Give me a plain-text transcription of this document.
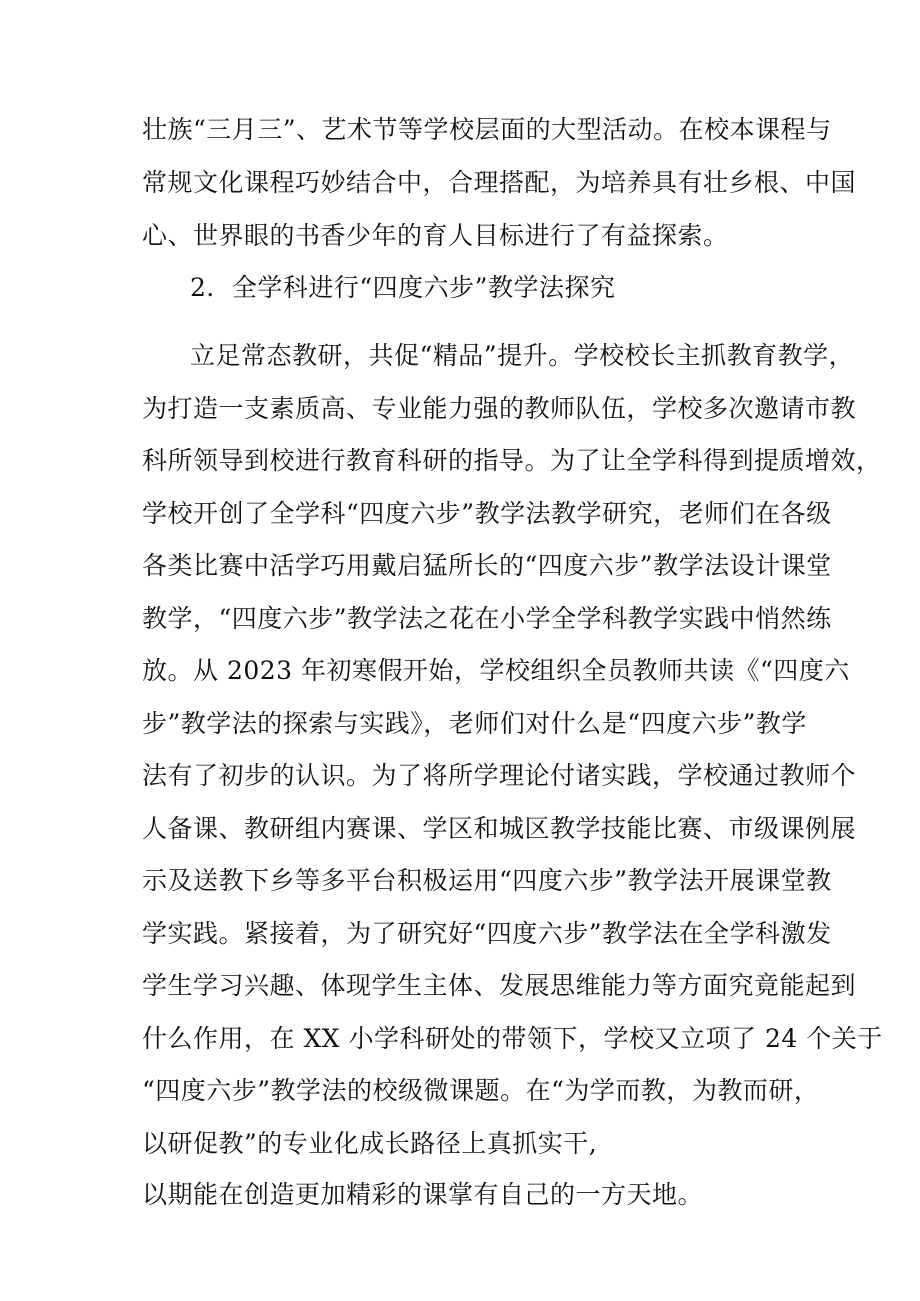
壮族“三月三”、艺术节等学校层面的大型活动。在校本课程与
常规文化课程巧妙结合中，合理搭配，为培养具有壮乡根、中国
心、世界眼的书香少年的育人目标进行了有益探索。
2．全学科进行“四度六步”教学法探究
立足常态教研，共促“精品”提升。学校校长主抓教育教学，
为打造一支素质高、专业能力强的教师队伍，学校多次邀请市教
科所领导到校进行教育科研的指导。为了让全学科得到提质增效，
学校开创了全学科“四度六步”教学法教学研究，老师们在各级
各类比赛中活学巧用戴启猛所长的“四度六步”教学法设计课堂
教学，“四度六步”教学法之花在小学全学科教学实践中悄然练
放。从 2023 年初寒假开始，学校组织全员教师共读《“四度六
步”教学法的探索与实践》，老师们对什么是“四度六步”教学
法有了初步的认识。为了将所学理论付诸实践，学校通过教师个
人备课、教研组内赛课、学区和城区教学技能比赛、市级课例展
示及送教下乡等多平台积极运用“四度六步”教学法开展课堂教
学实践。紧接着，为了研究好“四度六步”教学法在全学科激发
学生学习兴趣、体现学生主体、发展思维能力等方面究竟能起到
什么作用，在 XX 小学科研处的带领下，学校又立项了 24 个关于
“四度六步”教学法的校级微课题。在“为学而教，为教而研，
以研促教”的专业化成长路径上真抓实干,
以期能在创造更加精彩的课掌有自己的一方天地。
